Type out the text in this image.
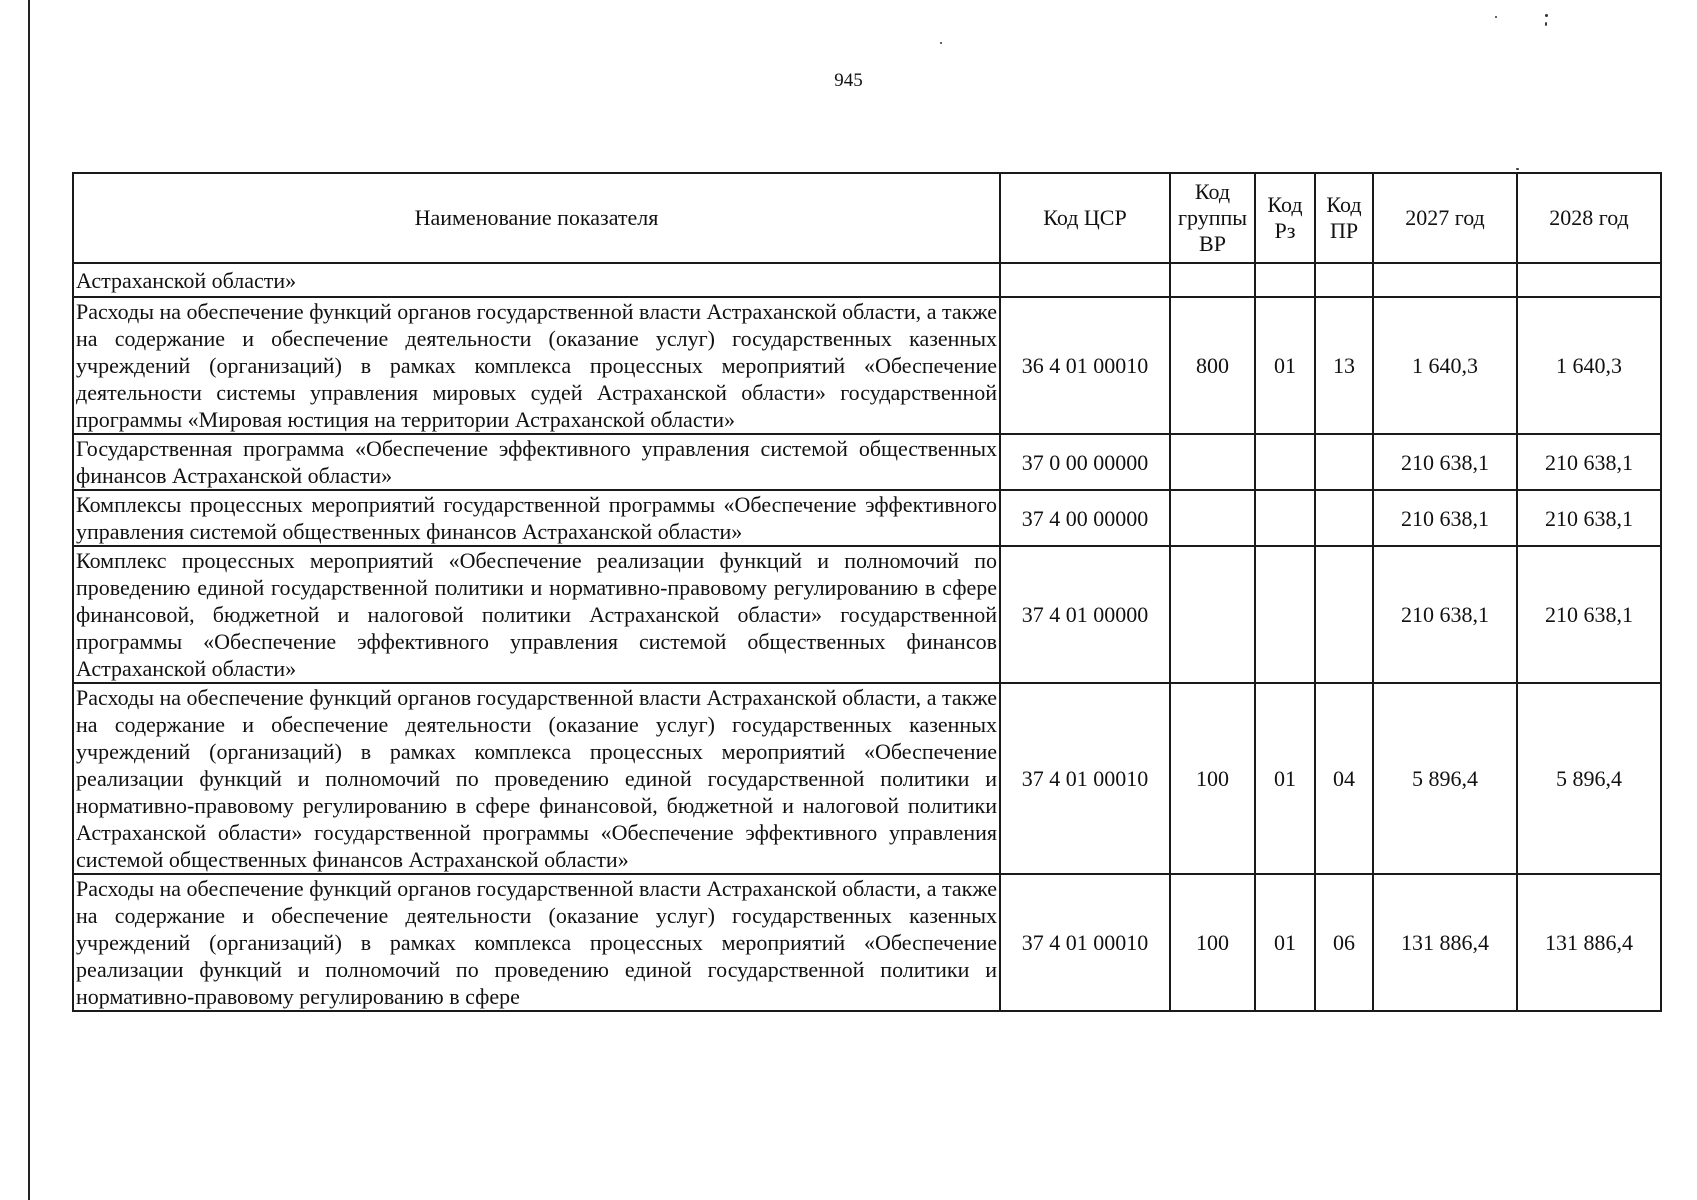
945
Наименование показателя	Код ЦСР	Код группы ВР	Код Рз	Код ПР	2027 год	2028 год
Астраханской области»						
Расходы на обеспечение функций органов государственной власти Астраханской области, а также на содержание и обеспечение деятельности (оказание услуг) государственных казенных учреждений (организаций) в рамках комплекса процессных мероприятий «Обеспечение деятельности системы управления мировых судей Астраханской области» государственной программы «Мировая юстиция на территории Астраханской области»	36 4 01 00010	800	01	13	1 640,3	1 640,3
Государственная программа «Обеспечение эффективного управления системой общественных финансов Астраханской области»	37 0 00 00000				210 638,1	210 638,1
Комплексы процессных мероприятий государственной программы «Обеспечение эффективного управления системой общественных финансов Астраханской области»	37 4 00 00000				210 638,1	210 638,1
Комплекс процессных мероприятий «Обеспечение реализации функций и полномочий по проведению единой государственной политики и нормативно-правовому регулированию в сфере финансовой, бюджетной и налоговой политики Астраханской области» государственной программы «Обеспечение эффективного управления системой общественных финансов Астраханской области»	37 4 01 00000				210 638,1	210 638,1
Расходы на обеспечение функций органов государственной власти Астраханской области, а также на содержание и обеспечение деятельности (оказание услуг) государственных казенных учреждений (организаций) в рамках комплекса процессных мероприятий «Обеспечение реализации функций и полномочий по проведению единой государственной политики и нормативно-правовому регулированию в сфере финансовой, бюджетной и налоговой политики Астраханской области» государственной программы «Обеспечение эффективного управления системой общественных финансов Астраханской области»	37 4 01 00010	100	01	04	5 896,4	5 896,4
Расходы на обеспечение функций органов государственной власти Астраханской области, а также на содержание и обеспечение деятельности (оказание услуг) государственных казенных учреждений (организаций) в рамках комплекса процессных мероприятий «Обеспечение реализации функций и полномочий по проведению единой государственной политики и нормативно-правовому регулированию в сфере	37 4 01 00010	100	01	06	131 886,4	131 886,4
